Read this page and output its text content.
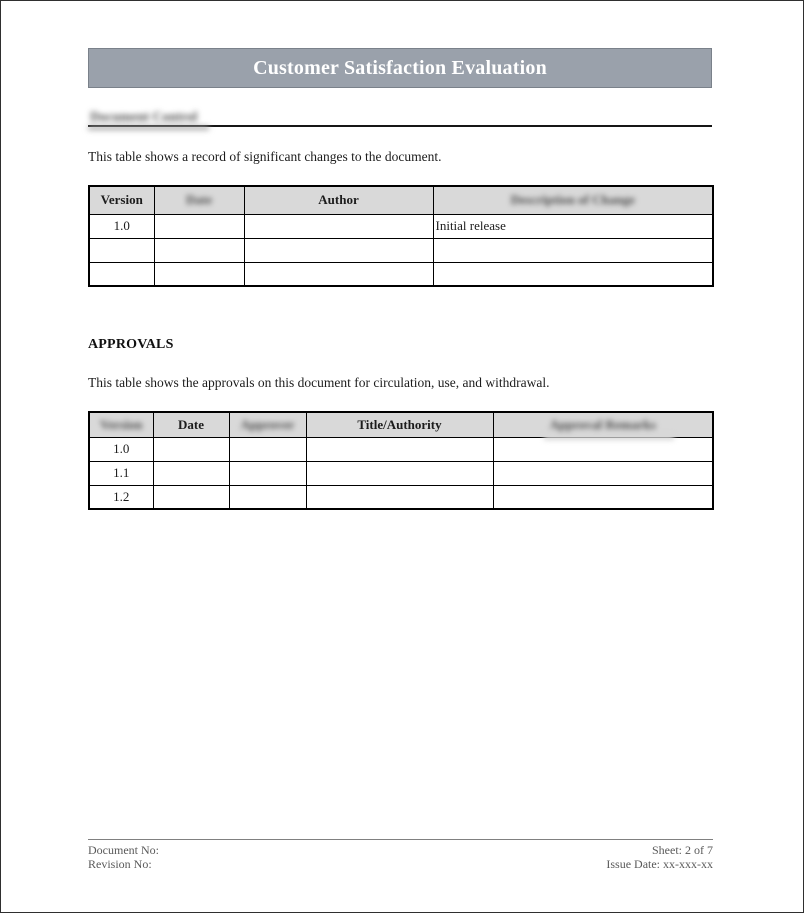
Customer Satisfaction Evaluation
Document Control

This table shows a record of significant changes to the document.

Version	Date	Author	Description of Change
1.0			Initial release

APPROVALS

This table shows the approvals on this document for circulation, use, and withdrawal.

Version	Date	Approver	Title/Authority	Approval Remarks
1.0				
1.1				
1.2				
Document No:	Sheet: 2 of 7
Revision No:	Issue Date: xx-xxx-xx
